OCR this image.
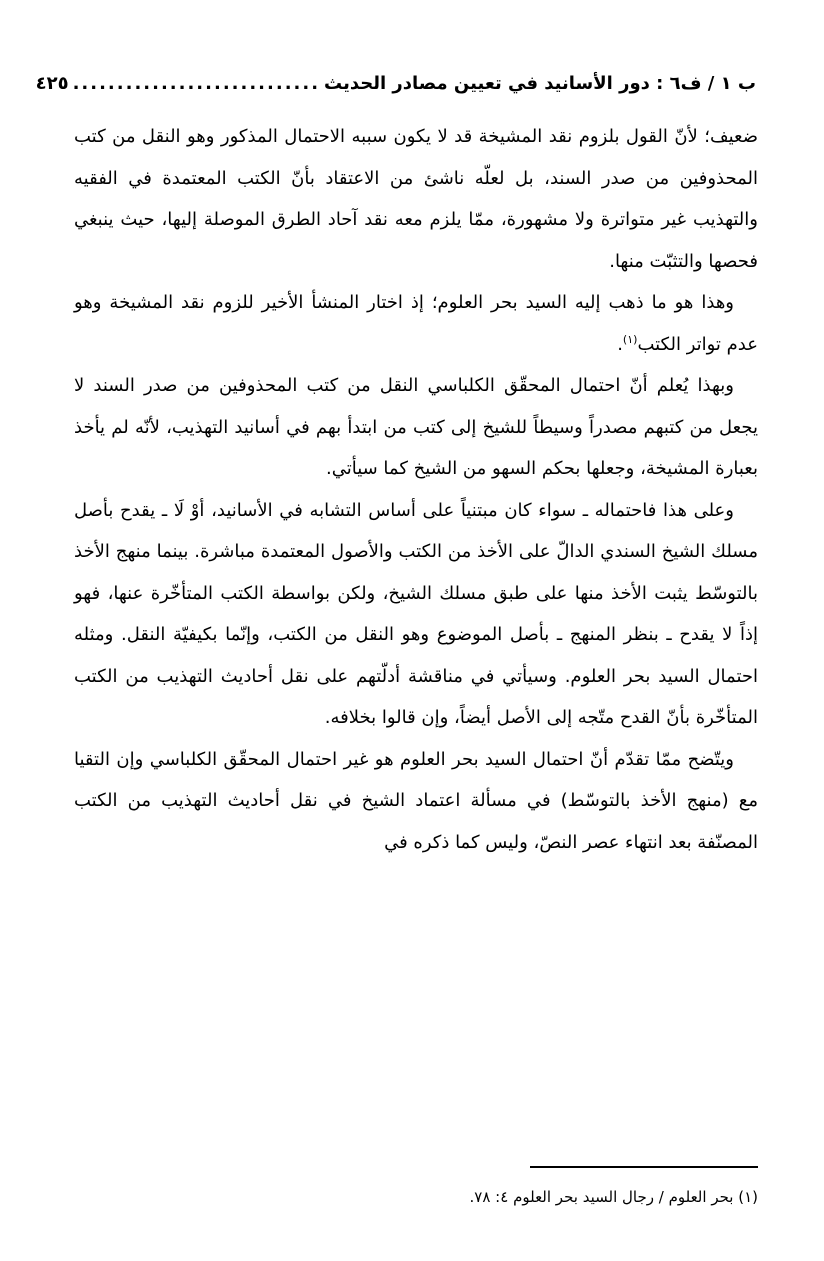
ب ١ / ف٦ : دور الأسانيد في تعيين مصادر الحديث
............................
٤٢٥

ضعيف؛ لأنّ القول بلزوم نقد المشيخة قد لا يكون سببه الاحتمال المذكور وهو النقل من كتب المحذوفين من صدر السند، بل لعلّه ناشئ من الاعتقاد بأنّ الكتب المعتمدة في الفقيه والتهذيب غير متواترة ولا مشهورة، ممّا يلزم معه نقد آحاد الطرق الموصلة إليها، حيث ينبغي فحصها والتثبّت منها.

وهذا هو ما ذهب إليه السيد بحر العلوم؛ إذ اختار المنشأ الأخير للزوم نقد المشيخة وهو عدم تواتر الكتب$^{(١)}$.

وبهذا يُعلم أنّ احتمال المحقّق الكلباسي النقل من كتب المحذوفين من صدر السند لا يجعل من كتبهم مصدراً وسيطاً للشيخ إلى كتب من ابتدأ بهم في أسانيد التهذيب، لأنّه لم يأخذ بعبارة المشيخة، وجعلها بحكم السهو من الشيخ كما سيأتي.

وعلى هذا فاحتماله ـ سواء كان مبتنياً على أساس التشابه في الأسانيد، أوْ لَا ـ يقدح بأصل مسلك الشيخ السندي الدالّ على الأخذ من الكتب والأصول المعتمدة مباشرة. بينما منهج الأخذ بالتوسّط يثبت الأخذ منها على طبق مسلك الشيخ، ولكن بواسطة الكتب المتأخّرة عنها، فهو إذاً لا يقدح ـ بنظر المنهج ـ بأصل الموضوع وهو النقل من الكتب، وإنّما بكيفيّة النقل. ومثله احتمال السيد بحر العلوم. وسيأتي في مناقشة أدلّتهم على نقل أحاديث التهذيب من الكتب المتأخّرة بأنّ القدح متّجه إلى الأصل أيضاً، وإن قالوا بخلافه.

ويتّضح ممّا تقدّم أنّ احتمال السيد بحر العلوم هو غير احتمال المحقّق الكلباسي وإن التقيا مع (منهج الأخذ بالتوسّط) في مسألة اعتماد الشيخ في نقل أحاديث التهذيب من الكتب المصنّفة بعد انتهاء عصر النصّ، وليس كما ذكره في

(١) بحر العلوم / رجال السيد بحر العلوم ٤: ٧٨.
